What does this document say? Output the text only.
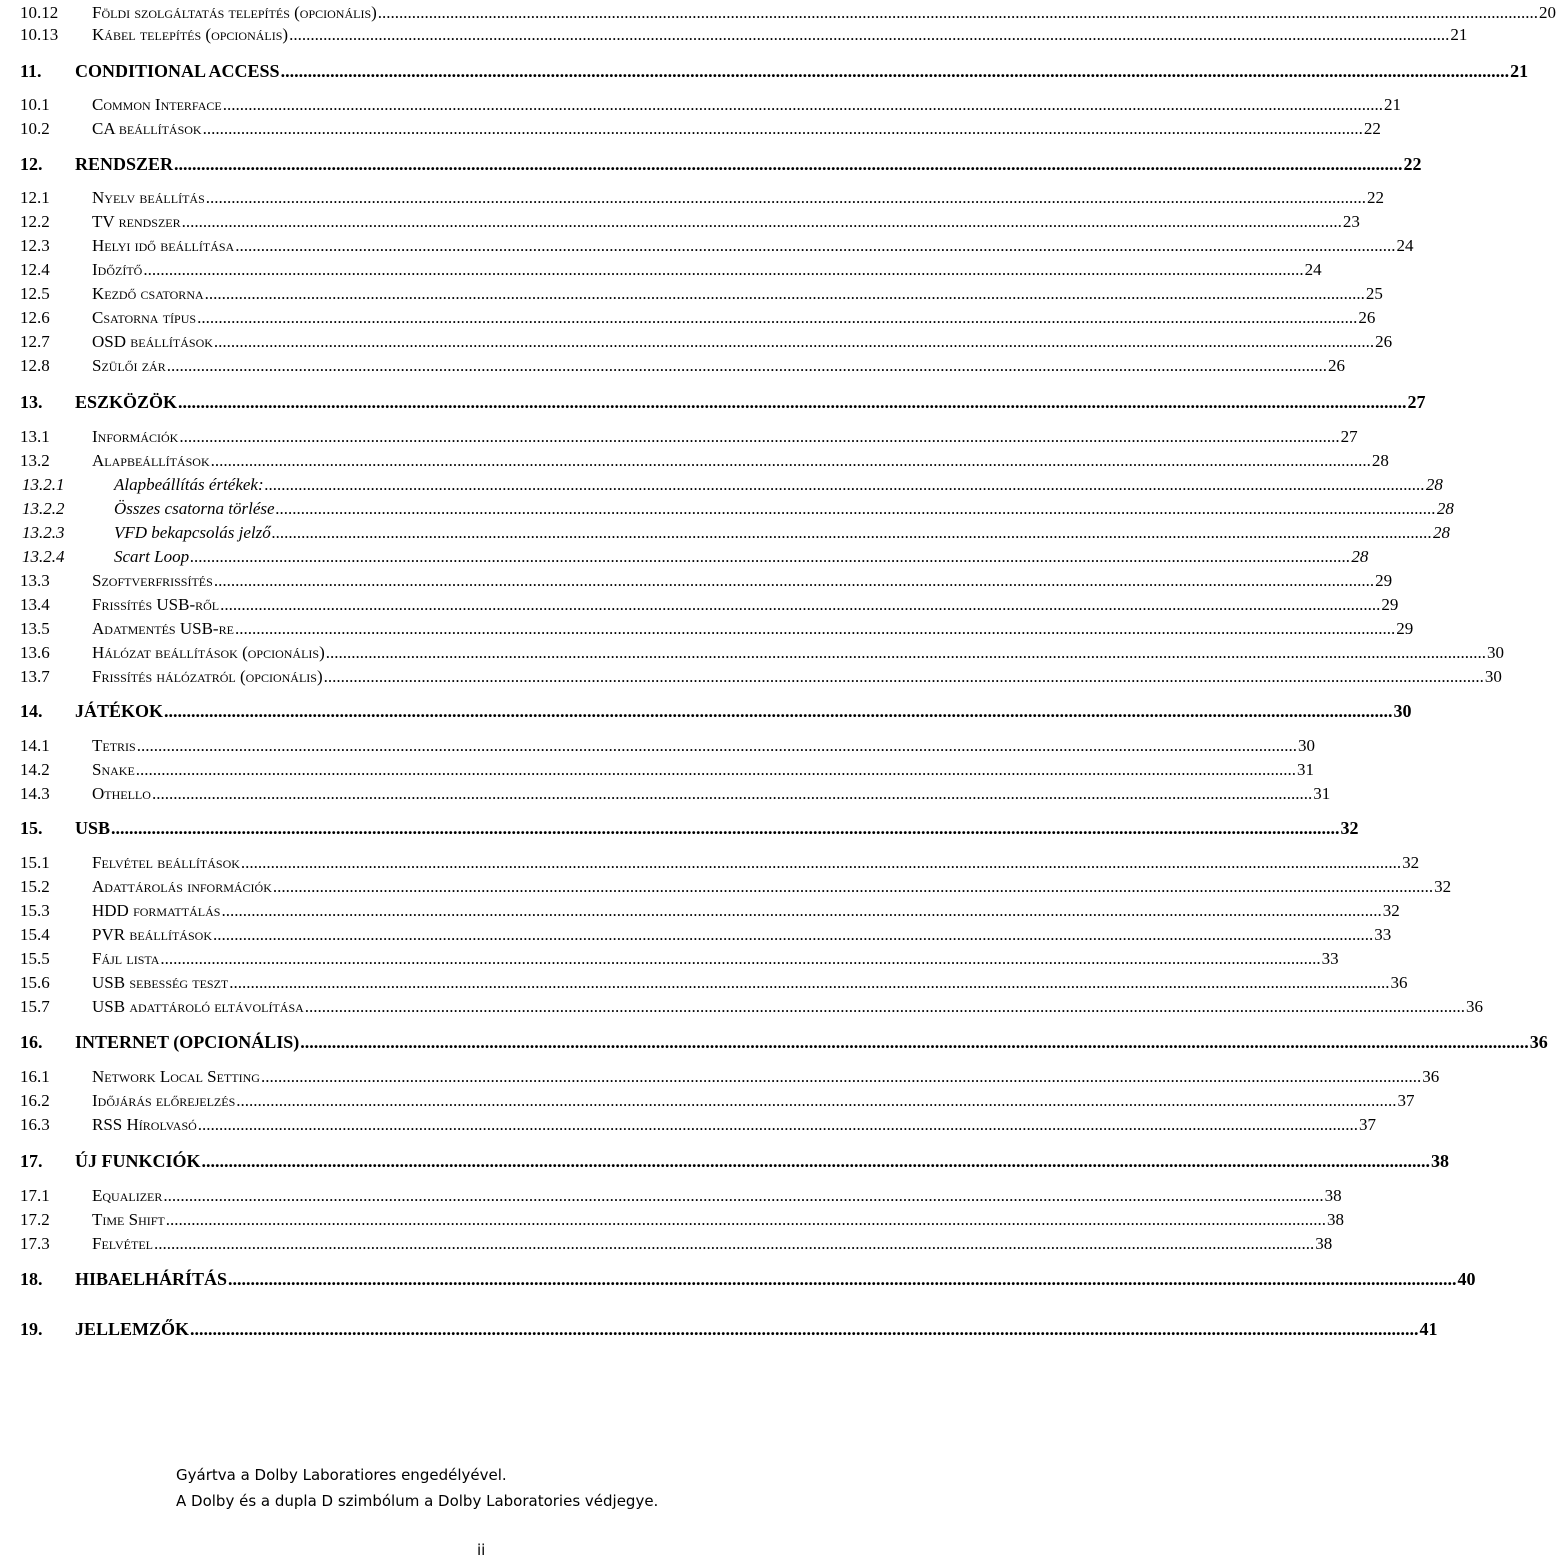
10.12	Földi szolgáltatás telepítés (opcionális) .....	20
10.13	Kábel telepítés (opcionális) .....	21
11.	CONDITIONAL ACCESS .....	21
10.1	Common Interface .....	21
10.2	CA beállítások .....	22
12.	RENDSZER .....	22
12.1	Nyelv beállítás .....	22
12.2	TV rendszer .....	23
12.3	Helyi idő beállítása .....	24
12.4	Időzítő .....	24
12.5	Kezdő csatorna .....	25
12.6	Csatorna típus .....	26
12.7	OSD beállítások .....	26
12.8	Szülői zár .....	26
13.	ESZKÖZÖK .....	27
13.1	Információk .....	27
13.2	Alapbeállítások .....	28
13.2.1	Alapbeállítás értékek: .....	28
13.2.2	Összes csatorna törlése .....	28
13.2.3	VFD bekapcsolás jelző .....	28
13.2.4	Scart Loop .....	28
13.3	Szoftverfrissítés .....	29
13.4	Frissítés USB-ről .....	29
13.5	Adatmentés USB-re .....	29
13.6	Hálózat beállítások (opcionális) .....	30
13.7	Frissítés hálózatról (opcionális) .....	30
14.	JÁTÉKOK .....	30
14.1	Tetris .....	30
14.2	Snake .....	31
14.3	Othello .....	31
15.	USB .....	32
15.1	Felvétel beállítások .....	32
15.2	Adattárolás információk .....	32
15.3	HDD formattálás .....	32
15.4	PVR beállítások .....	33
15.5	Fájl lista .....	33
15.6	USB sebesség teszt .....	36
15.7	USB adattároló eltávolítása .....	36
16.	INTERNET (OPCIONÁLIS) .....	36
16.1	Network Local Setting .....	36
16.2	Időjárás előrejelzés .....	37
16.3	RSS Hírolvasó .....	37
17.	ÚJ FUNKCIÓK .....	38
17.1	Equalizer .....	38
17.2	Time Shift .....	38
17.3	Felvétel .....	38
18.	HIBAELHÁRÍTÁS .....	40
19.	JELLEMZŐK .....	41
Gyártva a Dolby Laboratiores engedélyével.
A Dolby és a dupla D szimbólum a Dolby Laboratories védjegye.
ii
